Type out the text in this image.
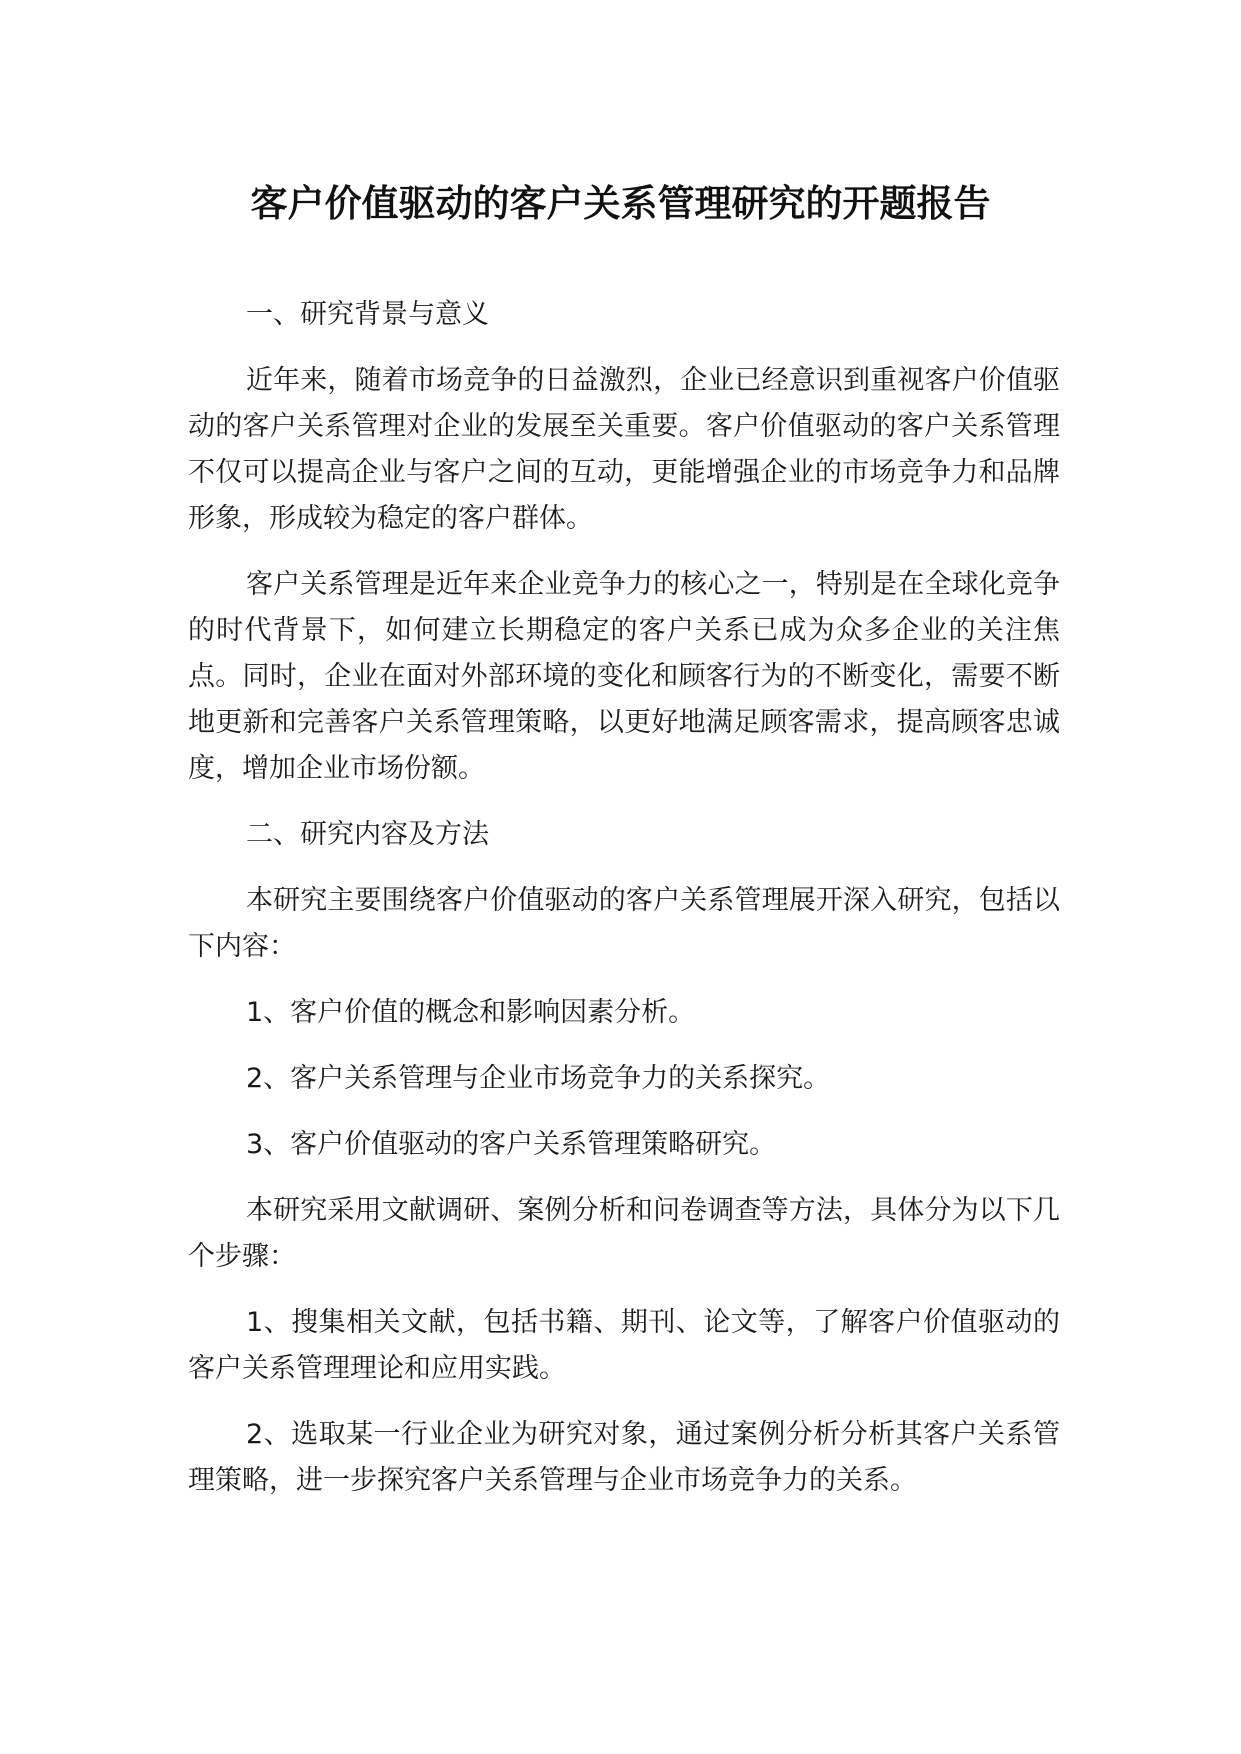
客户价值驱动的客户关系管理研究的开题报告

一、研究背景与意义

近年来，随着市场竞争的日益激烈，企业已经意识到重视客户价值驱动的客户关系管理对企业的发展至关重要。客户价值驱动的客户关系管理不仅可以提高企业与客户之间的互动，更能增强企业的市场竞争力和品牌形象，形成较为稳定的客户群体。

客户关系管理是近年来企业竞争力的核心之一，特别是在全球化竞争的时代背景下，如何建立长期稳定的客户关系已成为众多企业的关注焦点。同时，企业在面对外部环境的变化和顾客行为的不断变化，需要不断地更新和完善客户关系管理策略，以更好地满足顾客需求，提高顾客忠诚度，增加企业市场份额。

二、研究内容及方法

本研究主要围绕客户价值驱动的客户关系管理展开深入研究，包括以下内容：

1、客户价值的概念和影响因素分析。

2、客户关系管理与企业市场竞争力的关系探究。

3、客户价值驱动的客户关系管理策略研究。

本研究采用文献调研、案例分析和问卷调查等方法，具体分为以下几个步骤：

1、搜集相关文献，包括书籍、期刊、论文等，了解客户价值驱动的客户关系管理理论和应用实践。

2、选取某一行业企业为研究对象，通过案例分析分析其客户关系管理策略，进一步探究客户关系管理与企业市场竞争力的关系。
